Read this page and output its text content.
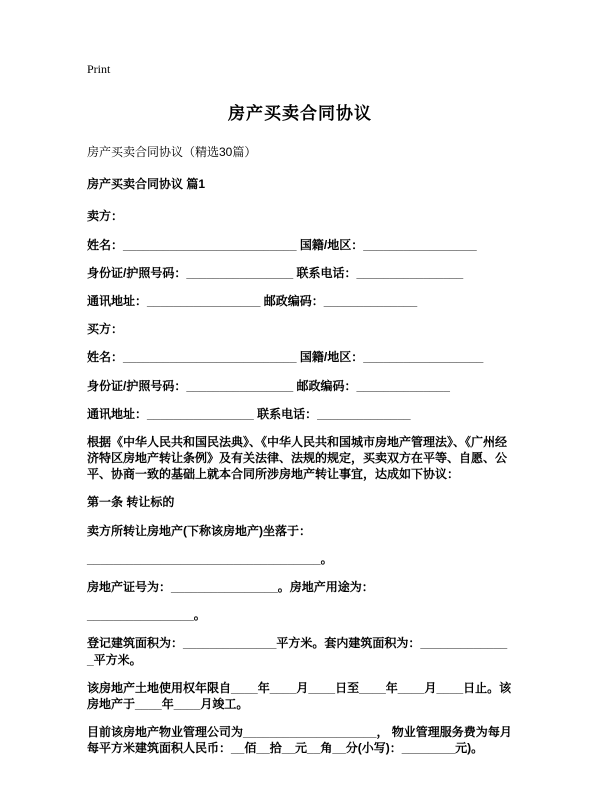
Print
房产买卖合同协议

房产买卖合同协议（精选30篇）

房产买卖合同协议 篇1

卖方：

姓名：__________________________ 国籍/地区：_________________

身份证/护照号码：________________ 联系电话：________________

通讯地址：_________________ 邮政编码：______________

买方：

姓名：__________________________ 国籍/地区：__________________

身份证/护照号码：________________ 邮政编码：______________

通讯地址：________________ 联系电话：______________

根据《中华人民共和国民法典》、《中华人民共和国城市房地产管理法》、《广州经济特区房地产转让条例》及有关法律、法规的规定，买卖双方在平等、自愿、公平、协商一致的基础上就本合同所涉房地产转让事宜，达成如下协议：

第一条 转让标的

卖方所转让房地产(下称该房地产)坐落于：

___________________________________。

房地产证号为：________________。房地产用途为：

________________。

登记建筑面积为：______________平方米。套内建筑面积为：______________平方米。

该房地产土地使用权年限自____年____月____日至____年____月____日止。该房地产于____年____月竣工。

目前该房地产物业管理公司为____________________， 物业管理服务费为每月每平方米建筑面积人民币：__佰__拾__元__角__分(小写)：________元)。
